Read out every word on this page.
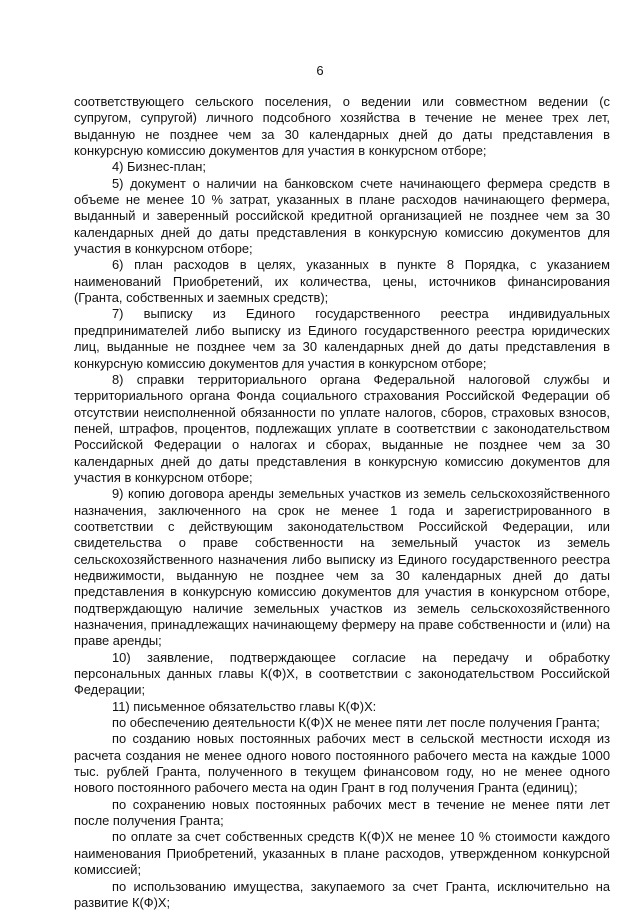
6

соответствующего сельского поселения, о ведении или совместном ведении (с супругом, супругой) личного подсобного хозяйства в течение не менее трех лет, выданную не позднее чем за 30 календарных дней до даты представления в конкурсную комиссию документов для участия в конкурсном отборе;

4) Бизнес-план;

5) документ о наличии на банковском счете начинающего фермера средств в объеме не менее 10 % затрат, указанных в плане расходов начинающего фермера, выданный и заверенный российской кредитной организацией не позднее чем за 30 календарных дней до даты представления в конкурсную комиссию документов для участия в конкурсном отборе;

6) план расходов в целях, указанных в пункте 8 Порядка, с указанием наименований Приобретений, их количества, цены, источников финансирования (Гранта, собственных и заемных средств);

7) выписку из Единого государственного реестра индивидуальных предпринимателей либо выписку из Единого государственного реестра юридических лиц, выданные не позднее чем за 30 календарных дней до даты представления в конкурсную комиссию документов для участия в конкурсном отборе;

8) справки территориального органа Федеральной налоговой службы и территориального органа Фонда социального страхования Российской Федерации об отсутствии неисполненной обязанности по уплате налогов, сборов, страховых взносов, пеней, штрафов, процентов, подлежащих уплате в соответствии с законодательством Российской Федерации о налогах и сборах, выданные не позднее чем за 30 календарных дней до даты представления в конкурсную комиссию документов для участия в конкурсном отборе;

9) копию договора аренды земельных участков из земель сельскохозяйственного назначения, заключенного на срок не менее 1 года и зарегистрированного в соответствии с действующим законодательством Российской Федерации, или свидетельства о праве собственности на земельный участок из земель сельскохозяйственного назначения либо выписку из Единого государственного реестра недвижимости, выданную не позднее чем за 30 календарных дней до даты представления в конкурсную комиссию документов для участия в конкурсном отборе, подтверждающую наличие земельных участков из земель сельскохозяйственного назначения, принадлежащих начинающему фермеру на праве собственности и (или) на праве аренды;

10) заявление, подтверждающее согласие на передачу и обработку персональных данных главы К(Ф)Х, в соответствии с законодательством Российской Федерации;

11) письменное обязательство главы К(Ф)Х:

по обеспечению деятельности К(Ф)Х не менее пяти лет после получения Гранта;

по созданию новых постоянных рабочих мест в сельской местности исходя из расчета создания не менее одного нового постоянного рабочего места на каждые 1000 тыс. рублей Гранта, полученного в текущем финансовом году, но не менее одного нового постоянного рабочего места на один Грант в год получения Гранта (единиц);

по сохранению новых постоянных рабочих мест в течение не менее пяти лет после получения Гранта;

по оплате за счет собственных средств К(Ф)Х не менее 10 % стоимости каждого наименования Приобретений, указанных в плане расходов, утвержденном конкурсной комиссией;

по использованию имущества, закупаемого за счет Гранта, исключительно на развитие К(Ф)Х;
